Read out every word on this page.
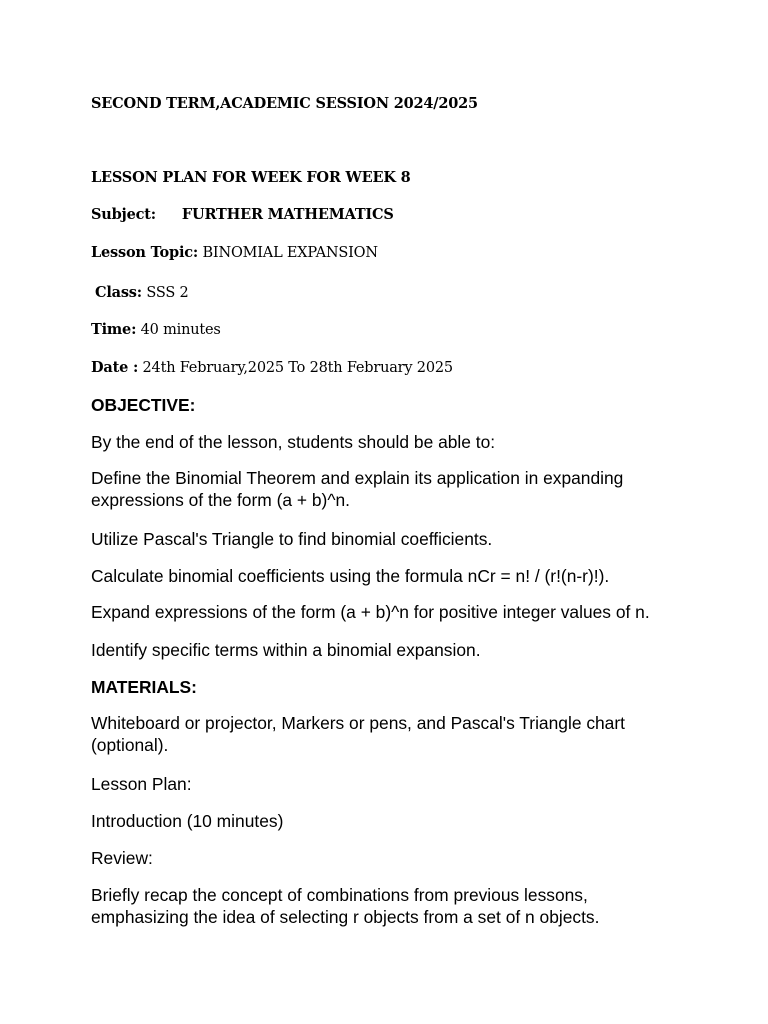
SECOND TERM,ACADEMIC SESSION 2024/2025

LESSON PLAN FOR WEEK FOR WEEK 8

Subject: FURTHER MATHEMATICS

Lesson Topic: BINOMIAL EXPANSION

Class: SSS 2

Time: 40 minutes

Date : 24th February,2025 To 28th February 2025

OBJECTIVE:

By the end of the lesson, students should be able to:

Define the Binomial Theorem and explain its application in expanding expressions of the form (a + b)^n.

Utilize Pascal's Triangle to find binomial coefficients.

Calculate binomial coefficients using the formula nCr = n! / (r!(n-r)!).

Expand expressions of the form (a + b)^n for positive integer values of n.

Identify specific terms within a binomial expansion.

MATERIALS:

Whiteboard or projector, Markers or pens, and Pascal's Triangle chart (optional).

Lesson Plan:

Introduction (10 minutes)

Review:

Briefly recap the concept of combinations from previous lessons, emphasizing the idea of selecting r objects from a set of n objects.
